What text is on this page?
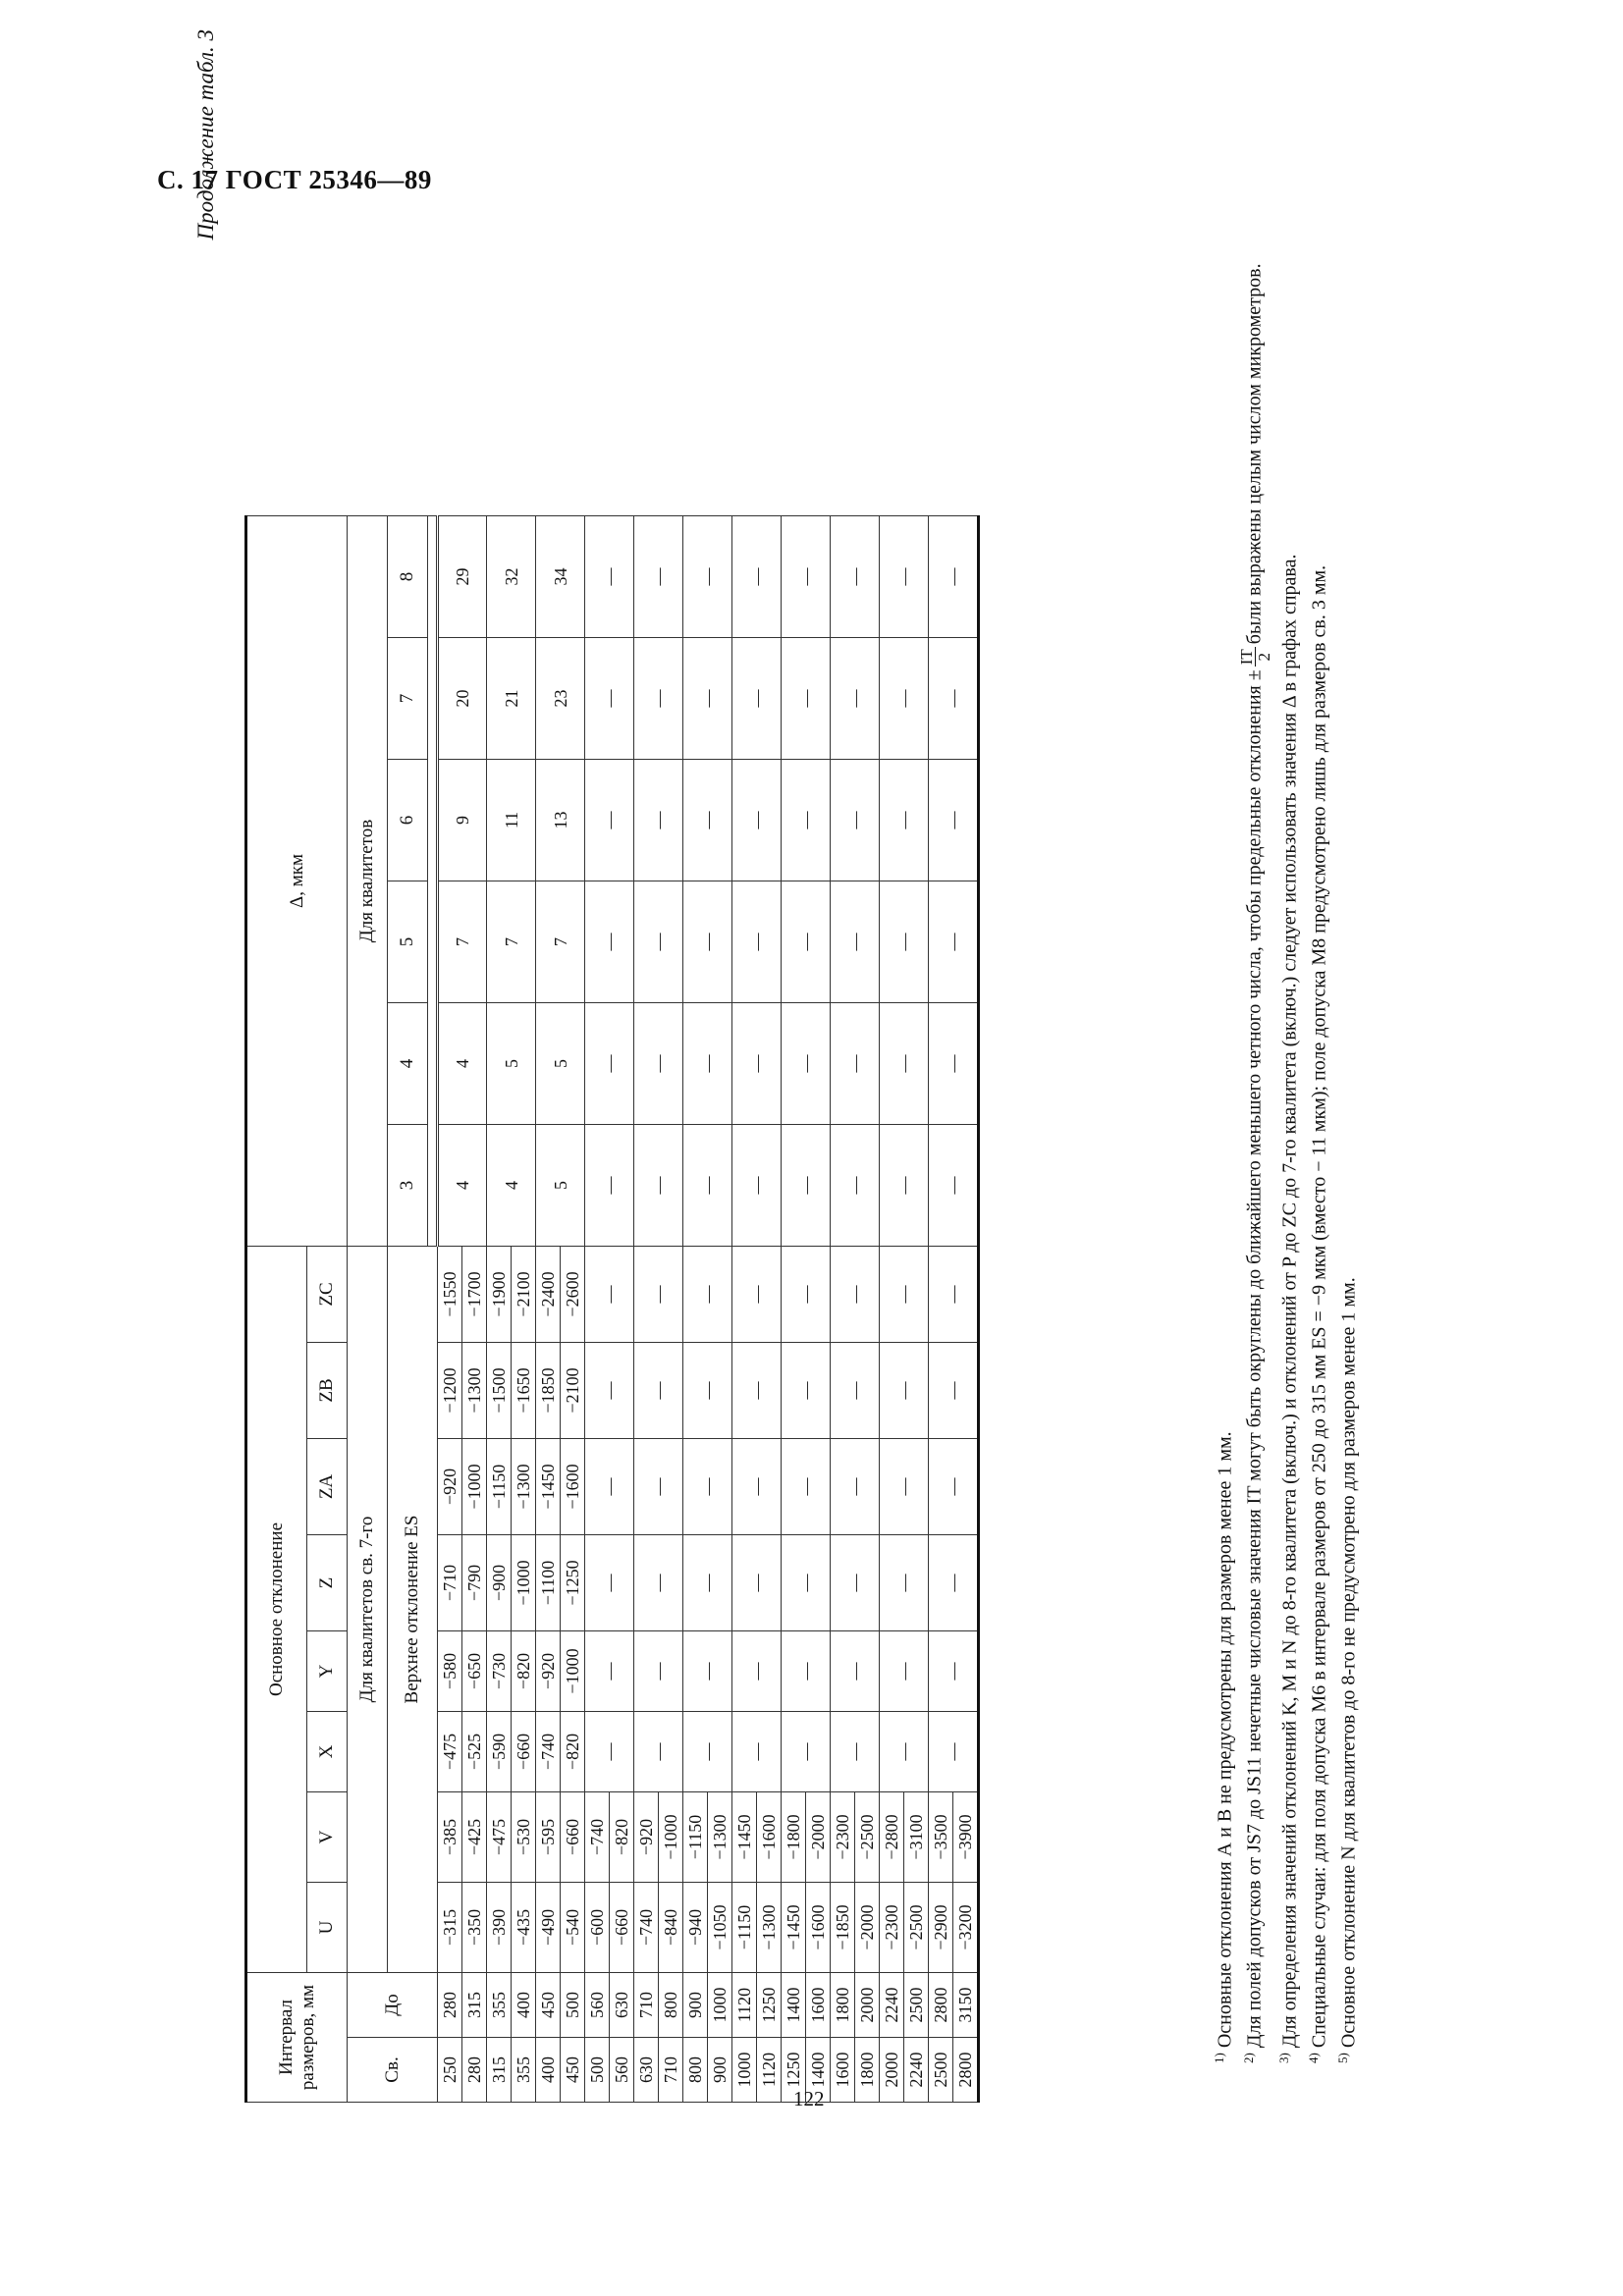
С. 17 ГОСТ 25346—89
Продолжение табл. 3
Интервал размеров, мм		Основное отклонение								Δ, мкм					
		U	V	X	Y	Z	ZA	ZB	ZC						
Св.	До	Для квалитетов св. 7-го								Для квалитетов					
		Верхнее отклонение ES								3	4	5	6	7	8

250	280	−315	−385	−475	−580	−710	−920	−1200	−1550	4	4	7	9	20	29
280	315	−350	−425	−525	−650	−790	−1000	−1300	−1700						
315	355	−390	−475	−590	−730	−900	−1150	−1500	−1900	4	5	7	11	21	32
355	400	−435	−530	−660	−820	−1000	−1300	−1650	−2100						
400	450	−490	−595	−740	−920	−1100	−1450	−1850	−2400	5	5	7	13	23	34
450	500	−540	−660	−820	−1000	−1250	−1600	−2100	−2600						
500	560	−600	−740	—	—	—	—	—	—	—	—	—	—	—	—
560	630	−660	−820												
630	710	−740	−920	—	—	—	—	—	—	—	—	—	—	—	—
710	800	−840	−1000												
800	900	−940	−1150	—	—	—	—	—	—	—	—	—	—	—	—
900	1000	−1050	−1300												
1000	1120	−1150	−1450	—	—	—	—	—	—	—	—	—	—	—	—
1120	1250	−1300	−1600												
1250	1400	−1450	−1800	—	—	—	—	—	—	—	—	—	—	—	—
1400	1600	−1600	−2000												
1600	1800	−1850	−2300	—	—	—	—	—	—	—	—	—	—	—	—
1800	2000	−2000	−2500												
2000	2240	−2300	−2800	—	—	—	—	—	—	—	—	—	—	—	—
2240	2500	−2500	−3100												
2500	2800	−2900	−3500	—	—	—	—	—	—	—	—	—	—	—	—
2800	3150	−3200	−3900												

$^{1)}$ Основные отклонения А и В не предусмотрены для размеров менее 1 мм.

$^{2)}$ Для полей допусков от JS7 до JS11 нечетные числовые значения IT могут быть округлены до ближайшего меньшего четного числа, чтобы предельные отклонения ±
IT 2
были выражены целым числом микрометров.

$^{3)}$ Для определения значений отклонений K, M и N до 8-го квалитета (включ.) и отклонений от P до ZC до 7-го квалитета (включ.) следует использовать значения Δ в графах справа.

$^{4)}$ Специальные случаи: для поля допуска M6 в интервале размеров от 250 до 315 мм ES = −9 мкм (вместо − 11 мкм); поле допуска M8 предусмотрено лишь для размеров св. 3 мм.

$^{5)}$ Основное отклонение N для квалитетов до 8-го не предусмотрено для размеров менее 1 мм.

122
